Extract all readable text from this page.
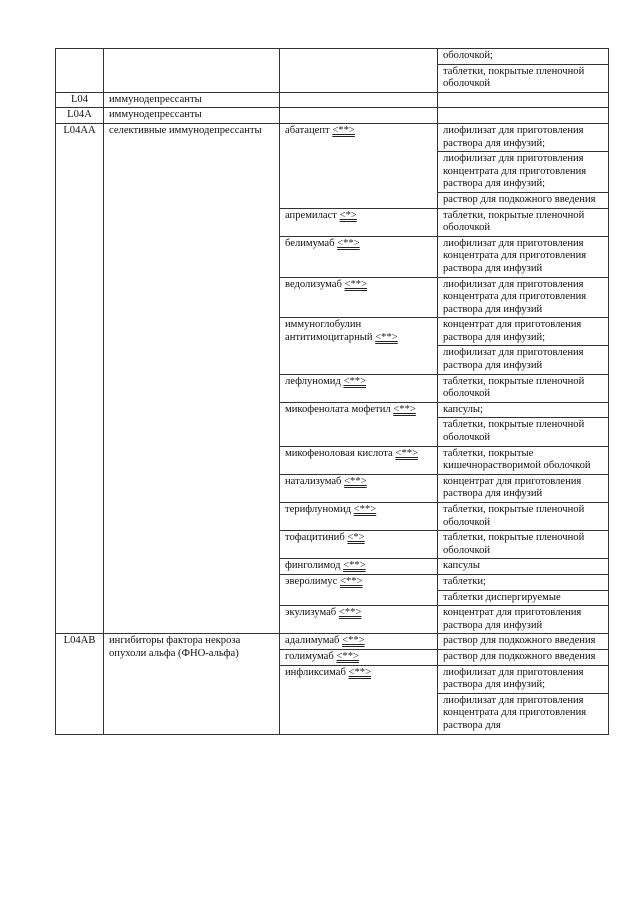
			оболочкой;
			таблетки, покрытые пленочной оболочкой
L04	иммунодепрессанты		
L04A	иммунодепрессанты		
L04AA	селективные иммунодепрессанты	абатацепт <**>	лиофилизат для приготовления раствора для инфузий;
			лиофилизат для приготовления концентрата для приготовления раствора для инфузий;
			раствор для подкожного введения
		апремиласт <*>	таблетки, покрытые пленочной оболочкой
		белимумаб <**>	лиофилизат для приготовления концентрата для приготовления раствора для инфузий
		ведолизумаб <**>	лиофилизат для приготовления концентрата для приготовления раствора для инфузий
		иммуноглобулин антитимоцитарный <**>	концентрат для приготовления раствора для инфузий;
			лиофилизат для приготовления раствора для инфузий
		лефлуномид <**>	таблетки, покрытые пленочной оболочкой
		микофенолата мофетил <**>	капсулы;
			таблетки, покрытые пленочной оболочкой
		микофеноловая кислота <**>	таблетки, покрытые кишечнорастворимой оболочкой
		натализумаб <**>	концентрат для приготовления раствора для инфузий
		терифлуномид <**>	таблетки, покрытые пленочной оболочкой
		тофацитиниб <*>	таблетки, покрытые пленочной оболочкой
		финголимод <**>	капсулы
		эверолимус <**>	таблетки;
			таблетки диспергируемые
		экулизумаб <**>	концентрат для приготовления раствора для инфузий
L04AB	ингибиторы фактора некроза опухоли альфа (ФНО-альфа)	адалимумаб <**>	раствор для подкожного введения
		голимумаб <**>	раствор для подкожного введения
		инфликсимаб <**>	лиофилизат для приготовления раствора для инфузий;
			лиофилизат для приготовления концентрата для приготовления раствора для
